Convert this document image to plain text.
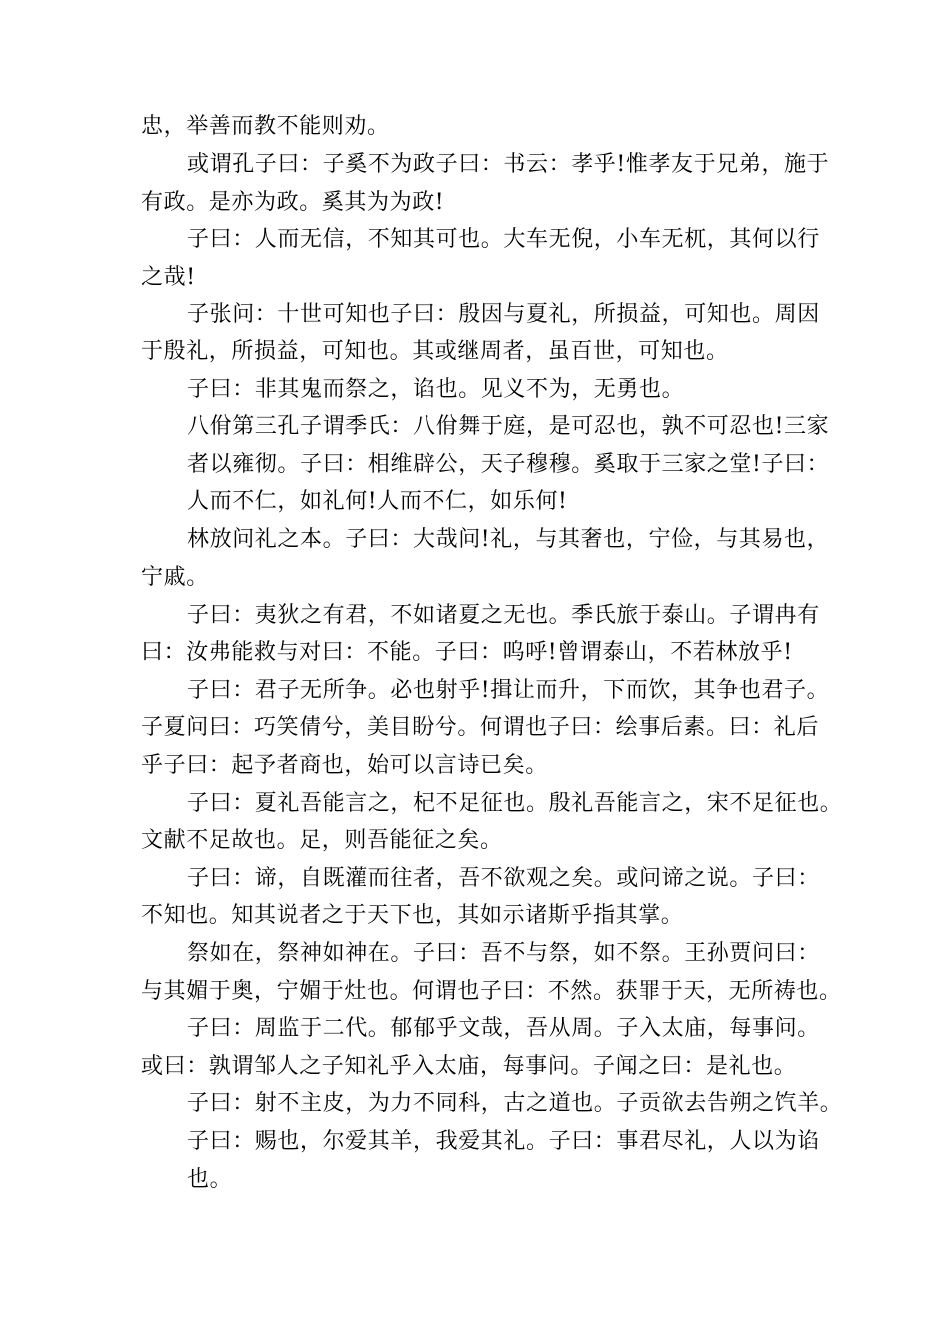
忠，举善而教不能则劝。
或谓孔子曰：子奚不为政子曰：书云：孝乎!惟孝友于兄弟，施于
有政。是亦为政。奚其为为政!
子曰：人而无信，不知其可也。大车无倪，小车无杌，其何以行
之哉!
子张问：十世可知也子曰：殷因与夏礼，所损益，可知也。周因
于殷礼，所损益，可知也。其或继周者，虽百世，可知也。
子曰：非其鬼而祭之，谄也。见义不为，无勇也。
八佾第三孔子谓季氏：八佾舞于庭，是可忍也，孰不可忍也!三家
者以雍彻。子曰：相维辟公，天子穆穆。奚取于三家之堂!子曰：
人而不仁，如礼何!人而不仁，如乐何!
林放问礼之本。子曰：大哉问!礼，与其奢也，宁俭，与其易也，
宁戚。
子曰：夷狄之有君，不如诸夏之无也。季氏旅于泰山。子谓冉有
曰：汝弗能救与对曰：不能。子曰：呜呼!曾谓泰山，不若林放乎!
子曰：君子无所争。必也射乎!揖让而升，下而饮，其争也君子。
子夏问曰：巧笑倩兮，美目盼兮。何谓也子曰：绘事后素。曰：礼后
乎子曰：起予者商也，始可以言诗已矣。
子曰：夏礼吾能言之，杞不足征也。殷礼吾能言之，宋不足征也。
文献不足故也。足，则吾能征之矣。
子曰：谛，自既灌而往者，吾不欲观之矣。或问谛之说。子曰：
不知也。知其说者之于天下也，其如示诸斯乎指其掌。
祭如在，祭神如神在。子曰：吾不与祭，如不祭。王孙贾问曰：
与其媚于奥，宁媚于灶也。何谓也子曰：不然。获罪于天，无所祷也。
子曰：周监于二代。郁郁乎文哉，吾从周。子入太庙，每事问。
或曰：孰谓邹人之子知礼乎入太庙，每事问。子闻之曰：是礼也。
子曰：射不主皮，为力不同科，古之道也。子贡欲去告朔之饩羊。
子曰：赐也，尔爱其羊，我爱其礼。子曰：事君尽礼，人以为谄
也。
